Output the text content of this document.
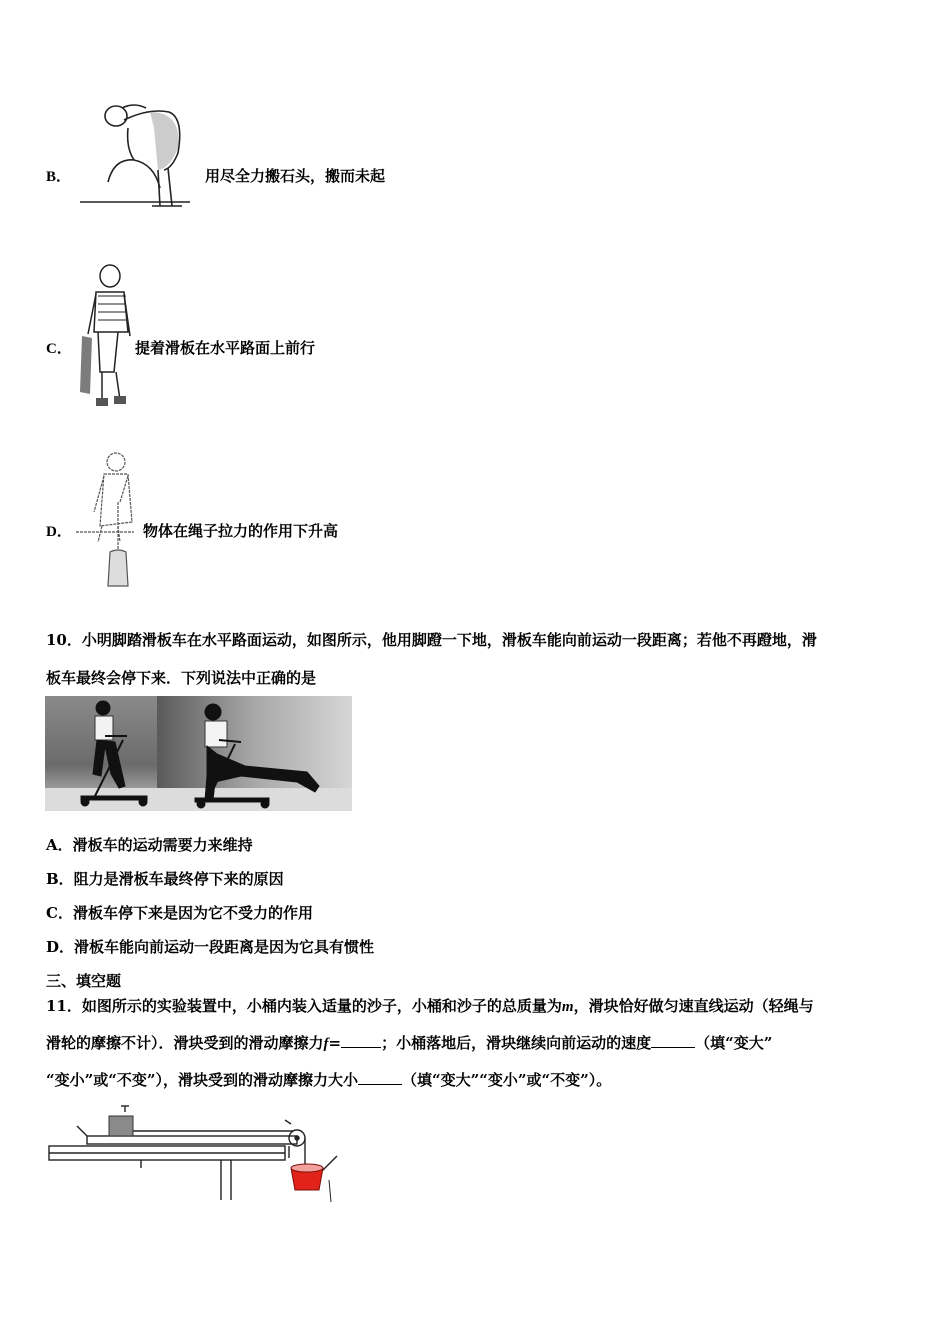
B．	用尽全力搬石头，搬而未起
C．	提着滑板在水平路面上前行
D．	物体在绳子拉力的作用下升高
10．小明脚踏滑板车在水平路面运动，如图所示，他用脚蹬一下地，滑板车能向前运动一段距离；若他不再蹬地，滑
板车最终会停下来．下列说法中正确的是
A．滑板车的运动需要力来维持
B．阻力是滑板车最终停下来的原因
C．滑板车停下来是因为它不受力的作用
D．滑板车能向前运动一段距离是因为它具有惯性
三、填空题
11．如图所示的实验装置中，小桶内装入适量的沙子，小桶和沙子的总质量为m，滑块恰好做匀速直线运动（轻绳与
滑轮的摩擦不计）．滑块受到的滑动摩擦力f=	；小桶落地后，滑块继续向前运动的速度	（填“变大”
“变小”或“不变”），滑块受到的滑动摩擦力大小	（填“变大”“变小”或“不变”）。
